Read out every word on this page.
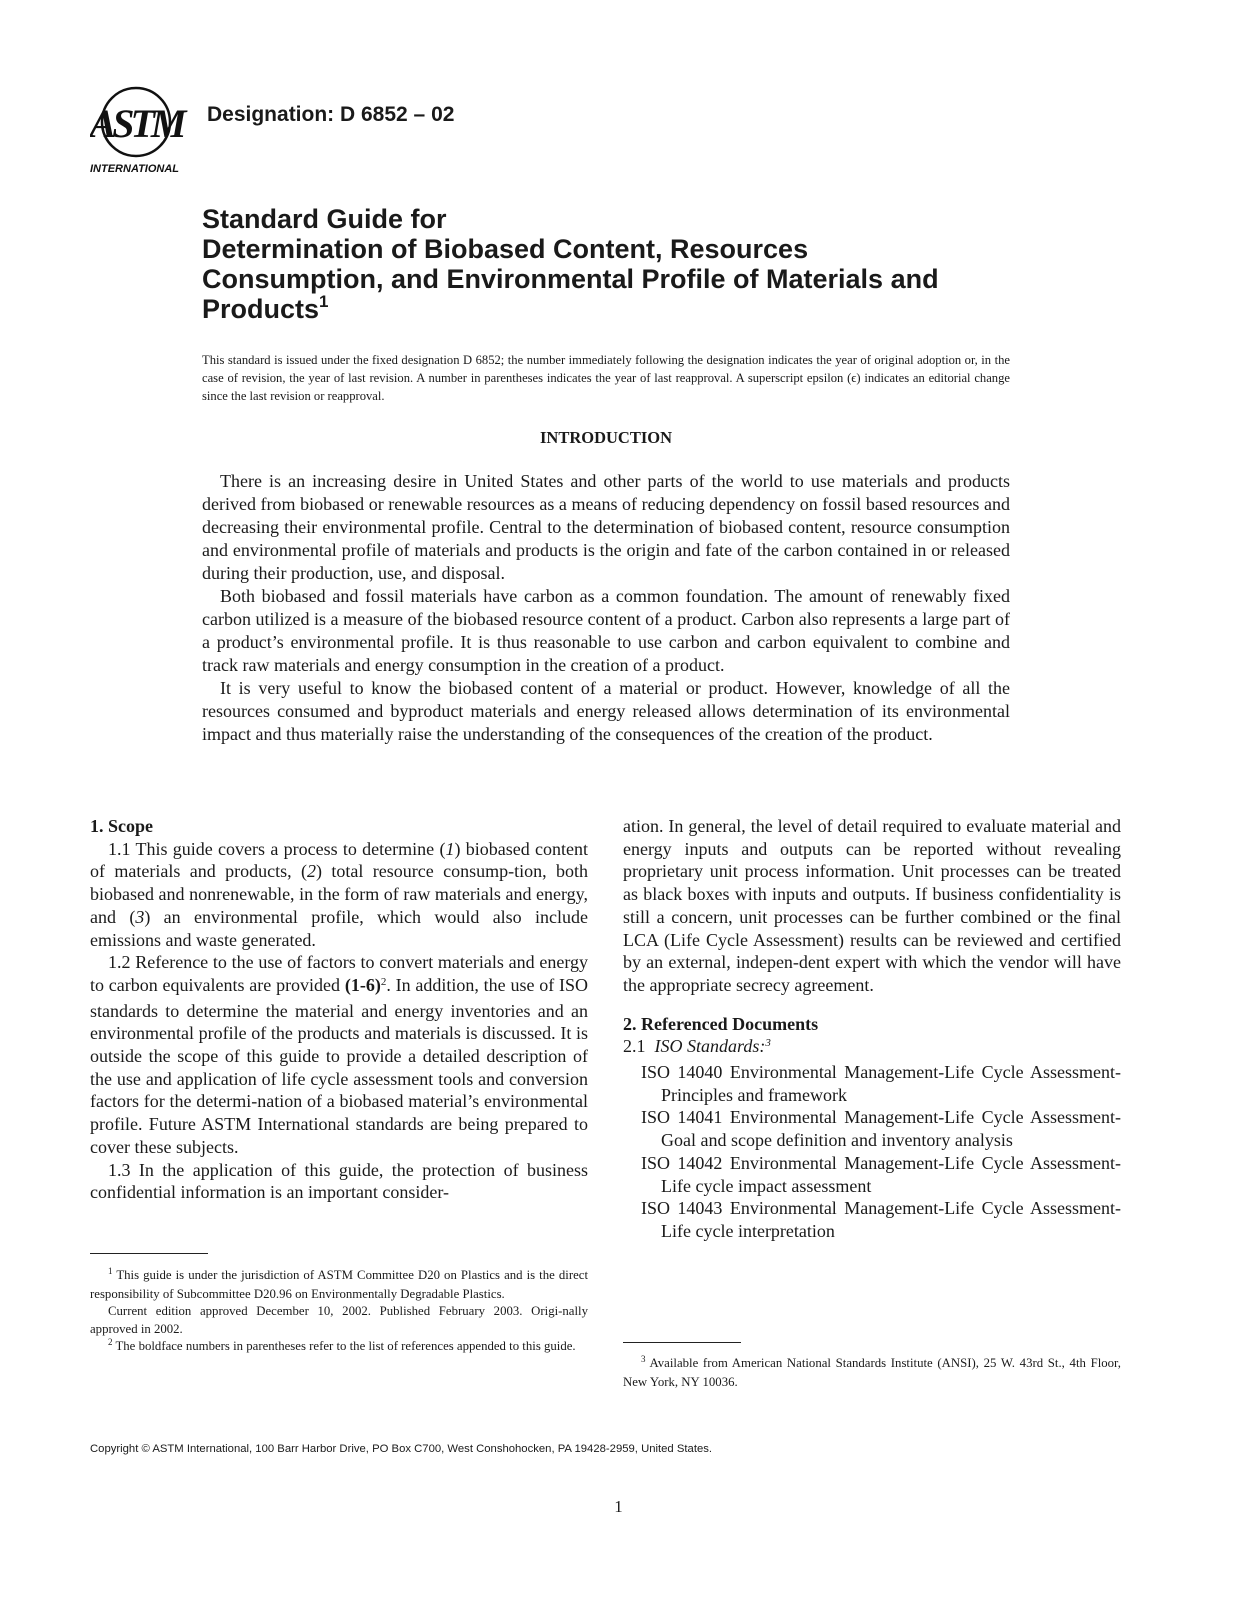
ASTM
INTERNATIONAL
Designation: D 6852 – 02
Standard Guide for
Determination of Biobased Content, Resources
Consumption, and Environmental Profile of Materials and
Products$^1$
This standard is issued under the fixed designation D 6852; the number immediately following the designation indicates the year of original adoption or, in the case of revision, the year of last revision. A number in parentheses indicates the year of last reapproval. A superscript epsilon (ϵ) indicates an editorial change since the last revision or reapproval.
INTRODUCTION

There is an increasing desire in United States and other parts of the world to use materials and products derived from biobased or renewable resources as a means of reducing dependency on fossil based resources and decreasing their environmental profile. Central to the determination of biobased content, resource consumption and environmental profile of materials and products is the origin and fate of the carbon contained in or released during their production, use, and disposal.

Both biobased and fossil materials have carbon as a common foundation. The amount of renewably fixed carbon utilized is a measure of the biobased resource content of a product. Carbon also represents a large part of a product’s environmental profile. It is thus reasonable to use carbon and carbon equivalent to combine and track raw materials and energy consumption in the creation of a product.

It is very useful to know the biobased content of a material or product. However, knowledge of all the resources consumed and byproduct materials and energy released allows determination of its environmental impact and thus materially raise the understanding of the consequences of the creation of the product.

1. Scope

1.1 This guide covers a process to determine (1) biobased content of materials and products, (2) total resource consump-tion, both biobased and nonrenewable, in the form of raw materials and energy, and (3) an environmental profile, which would also include emissions and waste generated.

1.2 Reference to the use of factors to convert materials and energy to carbon equivalents are provided $(1-6)^2$. In addition, the use of ISO standards to determine the material and energy inventories and an environmental profile of the products and materials is discussed. It is outside the scope of this guide to provide a detailed description of the use and application of life cycle assessment tools and conversion factors for the determi-nation of a biobased material’s environmental profile. Future ASTM International standards are being prepared to cover these subjects.

1.3 In the application of this guide, the protection of business confidential information is an important consider-

ation. In general, the level of detail required to evaluate material and energy inputs and outputs can be reported without revealing proprietary unit process information. Unit processes can be treated as black boxes with inputs and outputs. If business confidentiality is still a concern, unit processes can be further combined or the final LCA (Life Cycle Assessment) results can be reviewed and certified by an external, indepen-dent expert with which the vendor will have the appropriate secrecy agreement.

2. Referenced Documents

2.1 ISO Standards:$^3$

ISO 14040 Environmental Management-Life Cycle Assessment-Principles and framework

ISO 14041 Environmental Management-Life Cycle Assessment-Goal and scope definition and inventory analysis

ISO 14042 Environmental Management-Life Cycle Assessment-Life cycle impact assessment

ISO 14043 Environmental Management-Life Cycle Assessment-Life cycle interpretation

$^1$ This guide is under the jurisdiction of ASTM Committee D20 on Plastics and is the direct responsibility of Subcommittee D20.96 on Environmentally Degradable Plastics.

Current edition approved December 10, 2002. Published February 2003. Origi-nally approved in 2002.

$^2$ The boldface numbers in parentheses refer to the list of references appended to this guide.

$^3$ Available from American National Standards Institute (ANSI), 25 W. 43rd St., 4th Floor, New York, NY 10036.

Copyright © ASTM International, 100 Barr Harbor Drive, PO Box C700, West Conshohocken, PA 19428-2959, United States.
1
